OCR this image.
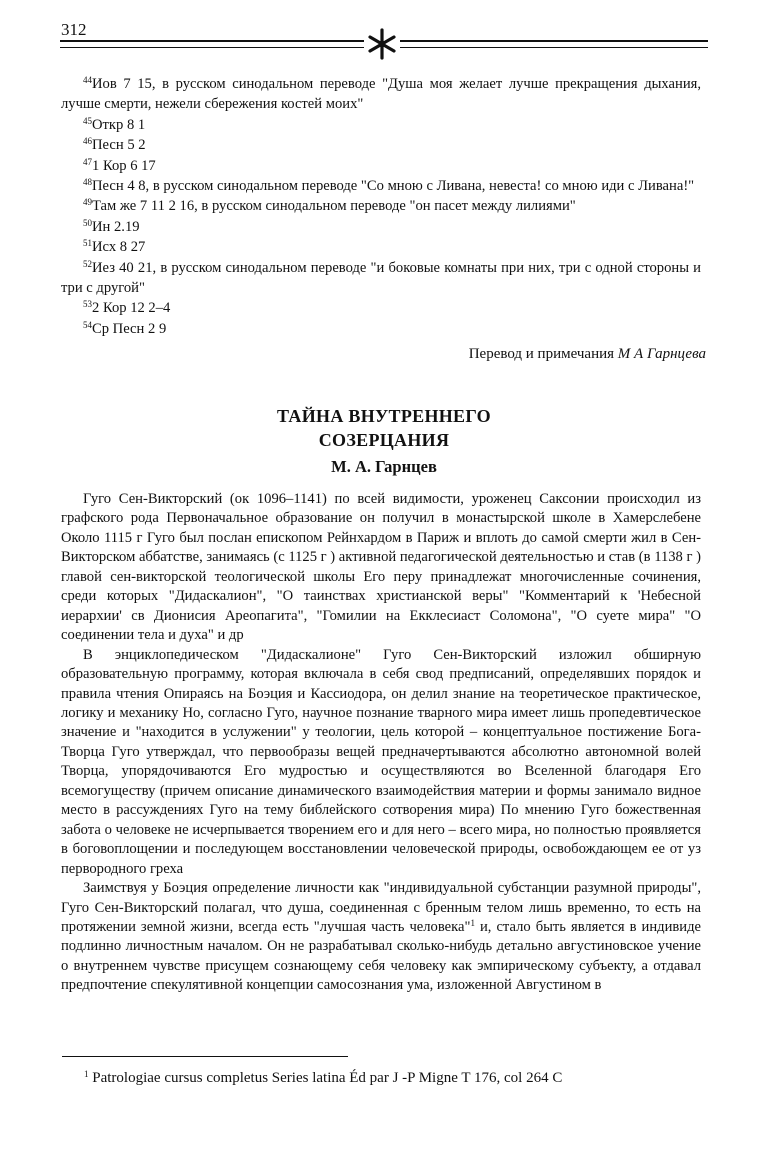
312

$^{44}$Иов 7 15, в русском синодальном переводе "Душа моя желает лучше прекращения дыхания, лучше смерти, нежели сбережения костей моих"

$^{45}$Откр 8 1

$^{46}$Песн 5 2

$^{47}$1 Кор 6 17

$^{48}$Песн 4 8, в русском синодальном переводе "Со мною с Ливана, невеста! со мною иди с Ливана!"

$^{49}$Там же 7 11 2 16, в русском синодальном переводе "он пасет между лилиями"

$^{50}$Ин 2.19

$^{51}$Исх 8 27

$^{52}$Иез 40 21, в русском синодальном переводе "и боковые комнаты при них, три с одной стороны и три с другой"

$^{53}$2 Кор 12 2–4

$^{54}$Ср Песн 2 9

Перевод и примечания М А Гарнцева
ТАЙНА ВНУТРЕННЕГО
СОЗЕРЦАНИЯ
М. А. Гарнцев

Гуго Сен-Викторский (ок 1096–1141) по всей видимости, уроженец Саксонии происходил из графского рода Первоначальное образование он получил в монастырской школе в Хамерслебене Около 1115 г Гуго был послан епископом Рейнхардом в Париж и вплоть до самой смерти жил в Сен-Викторском аббатстве, занимаясь (с 1125 г ) активной педагогической деятельностью и став (в 1138 г ) главой сен-викторской теологической школы Его перу принадлежат многочисленные сочинения, среди которых "Дидаскалион", "О таинствах христианской веры" "Комментарий к 'Небесной иерархии' св Дионисия Ареопагита", "Гомилии на Екклесиаст Соломона", "О суете мира" "О соединении тела и духа" и др

В энциклопедическом "Дидаскалионе" Гуго Сен-Викторский изложил обширную образовательную программу, которая включала в себя свод предписаний, определявших порядок и правила чтения Опираясь на Боэция и Кассиодора, он делил знание на теоретическое практическое, логику и механику Но, согласно Гуго, научное познание тварного мира имеет лишь пропедевтическое значение и "находится в услужении" у теологии, цель которой – концептуальное постижение Бога-Творца Гуго утверждал, что первообразы вещей предначертываются абсолютно автономной волей Творца, упорядочиваются Его мудростью и осуществляются во Вселенной благодаря Его всемогуществу (причем описание динамического взаимодействия материи и формы занимало видное место в рассуждениях Гуго на тему библейского сотворения мира) По мнению Гуго божественная забота о человеке не исчерпывается творением его и для него – всего мира, но полностью проявляется в боговоплощении и последующем восстановлении человеческой природы, освобождающем ее от уз первородного греха

Заимствуя у Боэция определение личности как "индивидуальной субстанции разумной природы", Гуго Сен-Викторский полагал, что душа, соединенная с бренным телом лишь временно, то есть на протяжении земной жизни, всегда есть "лучшая часть человека"$^1$ и, стало быть является в индивиде подлинно личностным началом. Он не разрабатывал сколько-нибудь детально августиновское учение о внутреннем чувстве присущем сознающему себя человеку как эмпирическому субъекту, а отдавал предпочтение спекулятивной концепции самосознания ума, изложенной Августином в

$^1$ Patrologiae cursus completus Series latina Éd par J -P Migne T 176, col 264 C
